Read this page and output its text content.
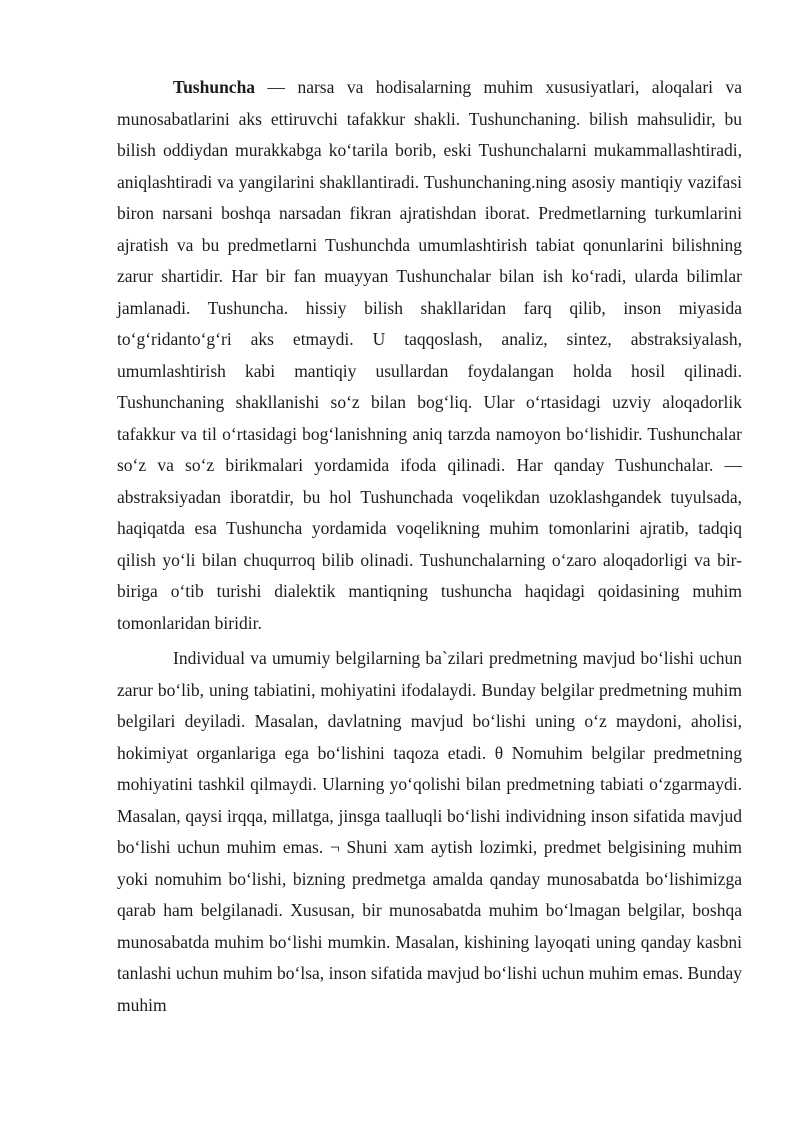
Tushuncha — narsa va hodisalarning muhim xususiyatlari, aloqalari va munosabatlarini aks ettiruvchi tafakkur shakli. Tushunchaning. bilish mahsulidir, bu bilish oddiydan murakkabga koʻtarila borib, eski Tushunchalarni mukammallashtiradi, aniqlashtiradi va yangilarini shakllantiradi. Tushunchaning.ning asosiy mantiqiy vazifasi biron narsani boshqa narsadan fikran ajratishdan iborat. Predmetlarning turkumlarini ajratish va bu predmetlarni Tushunchda umumlashtirish tabiat qonunlarini bilishning zarur shartidir. Har bir fan muayyan Tushunchalar bilan ish koʻradi, ularda bilimlar jamlanadi. Tushuncha. hissiy bilish shakllaridan farq qilib, inson miyasida toʻgʻridantoʻgʻri aks etmaydi. U taqqoslash, analiz, sintez, abstraksiyalash, umumlashtirish kabi mantiqiy usullardan foydalangan holda hosil qilinadi. Tushunchaning shakllanishi soʻz bilan bogʻliq. Ular oʻrtasidagi uzviy aloqadorlik tafakkur va til oʻrtasidagi bogʻlanishning aniq tarzda namoyon boʻlishidir. Tushunchalar soʻz va soʻz birikmalari yordamida ifoda qilinadi. Har qanday Tushunchalar. — abstraksiyadan iboratdir, bu hol Tushunchada voqelikdan uzoklashgandek tuyulsada, haqiqatda esa Tushuncha yordamida voqelikning muhim tomonlarini ajratib, tadqiq qilish yoʻli bilan chuqurroq bilib olinadi. Tushunchalarning oʻzaro aloqadorligi va bir-biriga oʻtib turishi dialektik mantiqning tushuncha haqidagi qoidasining muhim tomonlaridan biridir.

Individual va umumiy belgilarning ba`zilari predmetning mavjud boʻlishi uchun zarur boʻlib, uning tabiatini, mohiyatini ifodalaydi. Bunday belgilar predmetning muhim belgilari deyiladi. Masalan, davlatning mavjud boʻlishi uning oʻz maydoni, aholisi, hokimiyat organlariga ega boʻlishini taqoza etadi. θ Nomuhim belgilar predmetning mohiyatini tashkil qilmaydi. Ularning yoʻqolishi bilan predmetning tabiati oʻzgarmaydi. Masalan, qaysi irqqa, millatga, jinsga taalluqli boʻlishi individning inson sifatida mavjud boʻlishi uchun muhim emas. ¬ Shuni xam aytish lozimki, predmet belgisining muhim yoki nomuhim boʻlishi, bizning predmetga amalda qanday munosabatda boʻlishimizga qarab ham belgilanadi. Xususan, bir munosabatda muhim boʻlmagan belgilar, boshqa munosabatda muhim boʻlishi mumkin. Masalan, kishining layoqati uning qanday kasbni tanlashi uchun muhim boʻlsa, inson sifatida mavjud boʻlishi uchun muhim emas. Bunday muhim
